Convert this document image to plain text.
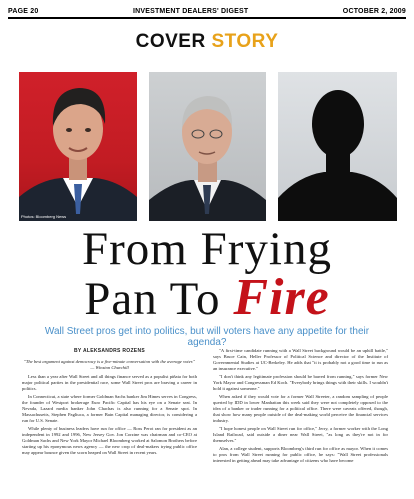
PAGE 20	INVESTMENT DEALERS' DIGEST	OCTOBER 2, 2009
COVER STORY
Photos: Bloomberg News
From Frying
Pan To Fire
Wall Street pros get into politics, but will voters have any appetite for their agenda?
BY ALEKSANDRS ROZENS
"The best argument against democracy is a five-minute conversation with the average voter." — Winston Churchill

Less than a year after Wall Street and all things finance served as a populist piñata for both major political parties in the presidential race, some Wall Street pros are braving a career in politics.

In Connecticut, a state where former Goldman Sachs banker Jim Himes serves in Congress, the founder of Westport brokerage Euro Pacific Capital has his eye on a Senate seat. In Nevada, Lazard media banker John Chachas is also running for a Senate spot. In Massachusetts, Stephen Pagliuca, a former Bain Capital managing director, is considering a run for U.S. Senate.

While plenty of business leaders have run for office — Ross Perot ran for president as an independent in 1992 and 1996, New Jersey Gov. Jon Corzine was chairman and co-CEO at Goldman Sachs and New York Mayor Michael Bloomberg worked at Salomon Brothers before starting up his eponymous news agency — the new crop of deal-makers trying public office may appear bounce given the scorn heaped on Wall Street in recent years.

"A first-time candidate running with a Wall Street background would be an uphill battle," says Bruce Cain, Heller Professor of Political Science and director of the Institute of Governmental Studies at UC-Berkeley. He adds that "it is probably not a good time to run as an insurance executive."

"I don't think any legitimate profession should be barred from running," says former New York Mayor and Congressman Ed Koch. "Everybody brings things with their skills. I wouldn't hold it against someone."

When asked if they would vote for a former Wall Streeter, a random sampling of people queried by IDD in lower Manhattan this week said they were not completely opposed to the idea of a banker or trader running for a political office. There were caveats offered, though, that show how many people outside of the deal-making world perceive the financial services industry.

"I hope honest people on Wall Street run for office," Jerry, a former worker with the Long Island Railroad, said outside a diner near Wall Street, "as long as they're not in for themselves."

Alan, a college student, supports Bloomberg's third run for office as mayor. When it comes to pros from Wall Street running for public office, he says: "Wall Street professionals interested in getting ahead may take advantage of citizens who have become
